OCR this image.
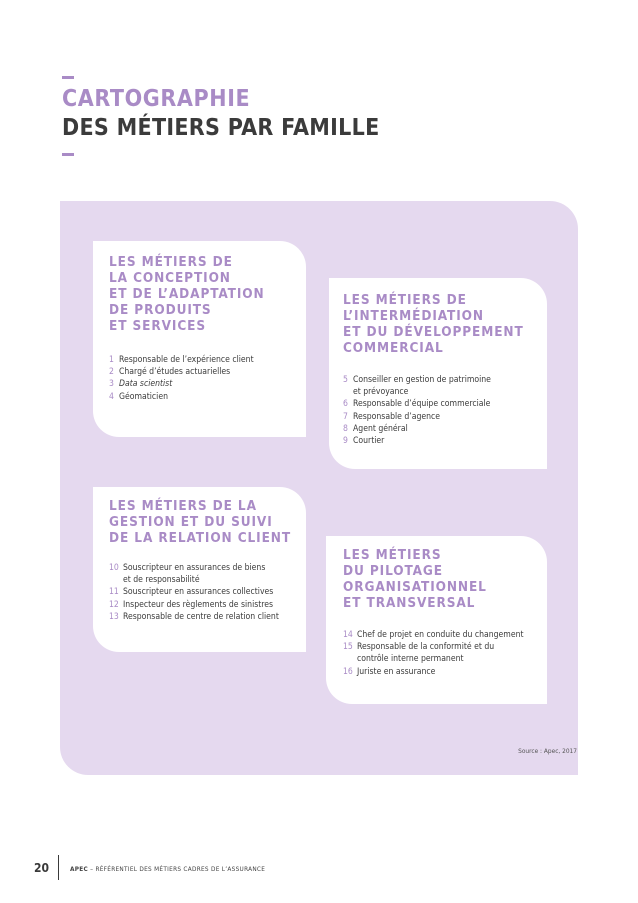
CARTOGRAPHIE
DES MÉTIERS PAR FAMILLE
LES MÉTIERS DE
LA CONCEPTION
ET DE L’ADAPTATION
DE PRODUITS
ET SERVICES
1 Responsable de l’expérience client
2 Chargé d’études actuarielles
3 Data scientist
4 Géomaticien
LES MÉTIERS DE
L’INTERMÉDIATION
ET DU DÉVELOPPEMENT
COMMERCIAL
5 Conseiller en gestion de patrimoine
et prévoyance
6 Responsable d’équipe commerciale
7 Responsable d’agence
8 Agent général
9 Courtier
LES MÉTIERS DE LA
GESTION ET DU SUIVI
DE LA RELATION CLIENT
10 Souscripteur en assurances de biens
et de responsabilité
11 Souscripteur en assurances collectives
12 Inspecteur des règlements de sinistres
13 Responsable de centre de relation client
LES MÉTIERS
DU PILOTAGE
ORGANISATIONNEL
ET TRANSVERSAL
14 Chef de projet en conduite du changement
15 Responsable de la conformité et du
contrôle interne permanent
16 Juriste en assurance
Source : Apec, 2017
20	APEC – RÉFÉRENTIEL DES MÉTIERS CADRES DE L’ASSURANCE
